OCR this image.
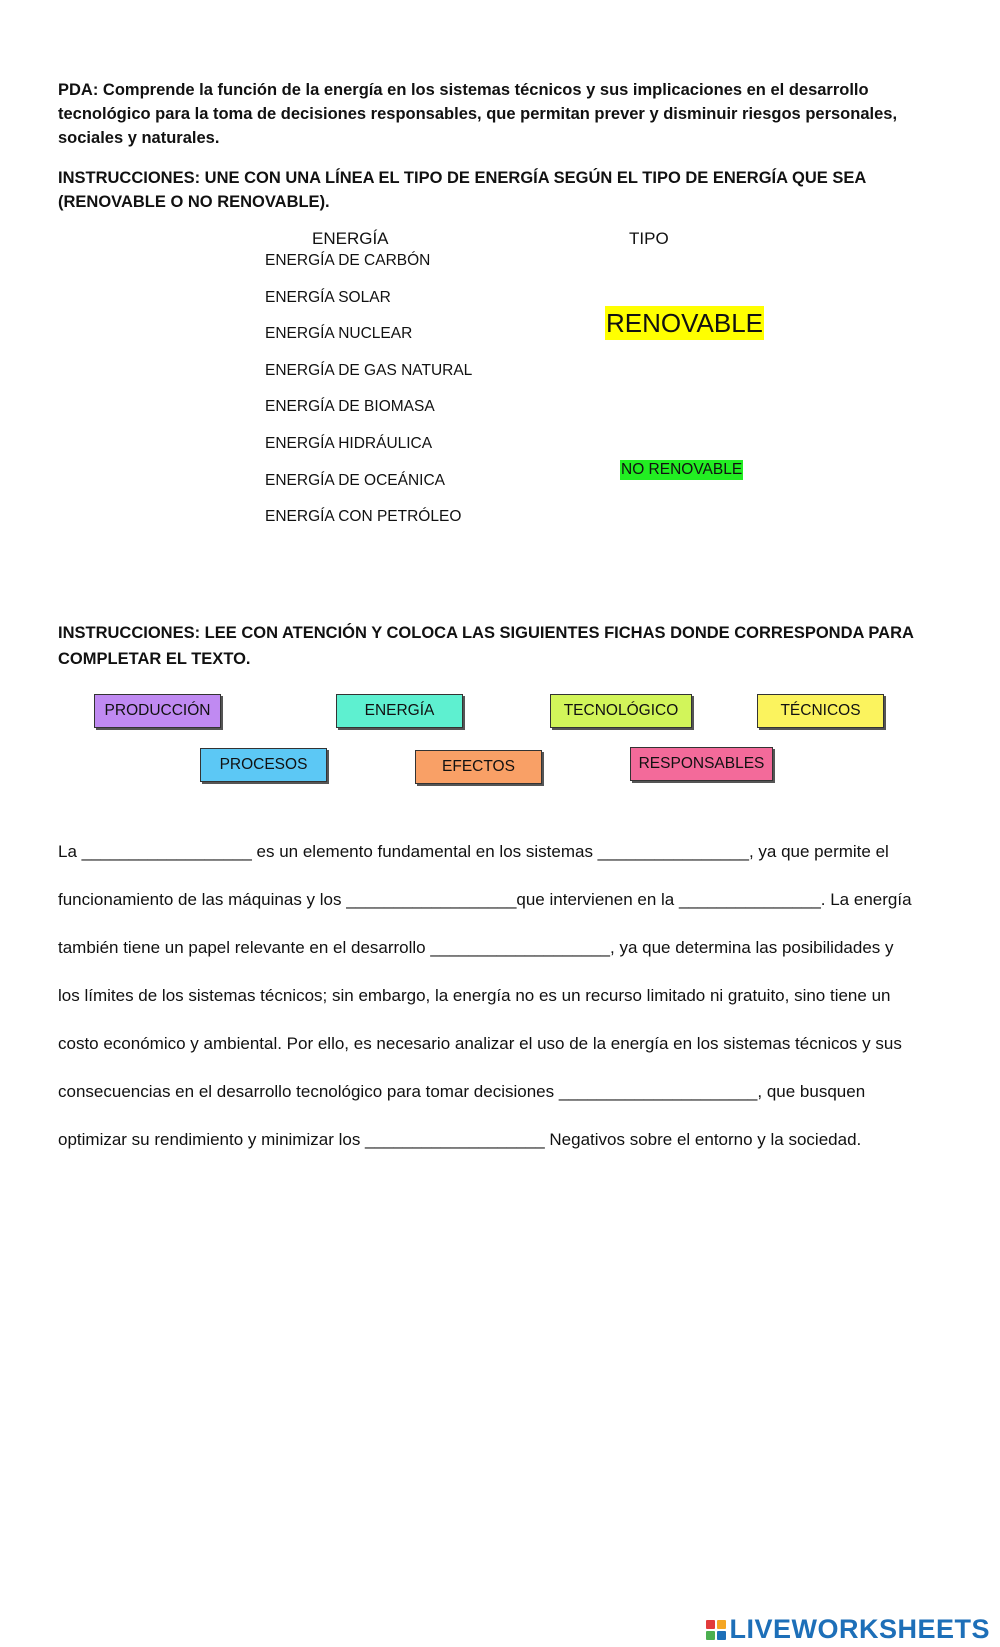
PDA: Comprende la función de la energía en los sistemas técnicos y sus implicaciones en el desarrollo tecnológico para la toma de decisiones responsables, que permitan prever y disminuir riesgos personales, sociales y naturales.
INSTRUCCIONES: UNE CON UNA LÍNEA EL TIPO DE ENERGÍA SEGÚN EL TIPO DE ENERGÍA QUE SEA (RENOVABLE O NO RENOVABLE).
ENERGÍA	TIPO
ENERGÍA DE CARBÓN
ENERGÍA SOLAR
ENERGÍA NUCLEAR
ENERGÍA DE GAS NATURAL
ENERGÍA DE BIOMASA
ENERGÍA HIDRÁULICA
ENERGÍA DE OCEÁNICA
ENERGÍA CON PETRÓLEO
RENOVABLE
NO RENOVABLE
INSTRUCCIONES: LEE CON ATENCIÓN Y COLOCA LAS SIGUIENTES FICHAS DONDE CORRESPONDA PARA COMPLETAR EL TEXTO.
PRODUCCIÓN	ENERGÍA	TECNOLÓGICO	TÉCNICOS
PROCESOS	EFECTOS	RESPONSABLES
La __________________ es un elemento fundamental en los sistemas ________________, ya que permite el
funcionamiento de las máquinas y los __________________que intervienen en la _______________. La energía
también tiene un papel relevante en el desarrollo ___________________, ya que determina las posibilidades y
los límites de los sistemas técnicos; sin embargo, la energía no es un recurso limitado ni gratuito, sino tiene un
costo económico y ambiental. Por ello, es necesario analizar el uso de la energía en los sistemas técnicos y sus
consecuencias en el desarrollo tecnológico para tomar decisiones _____________________, que busquen
optimizar su rendimiento y minimizar los ___________________ Negativos sobre el entorno y la sociedad.
LIVEWORKSHEETS
